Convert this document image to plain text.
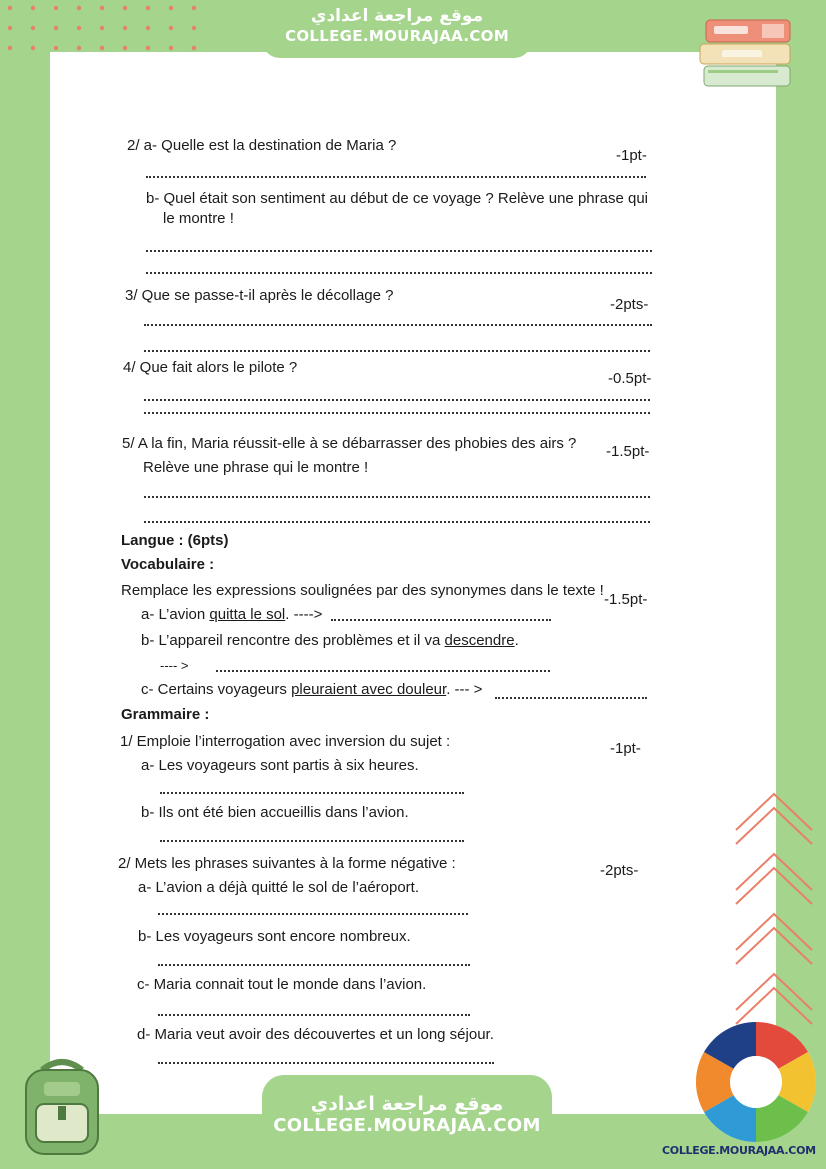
موقع مراجعة اعدادي
COLLEGE.MOURAJAA.COM
2/ a- Quelle est la destination de Maria ?
-1pt-
b- Quel était son sentiment au début de ce voyage ? Relève une phrase qui
le montre !
3/ Que se passe-t-il après le décollage ?
-2pts-
4/ Que fait alors le pilote ?
-0.5pt-
5/ A la fin, Maria réussit-elle à se débarrasser des phobies des airs ? -1.5pt-
Relève une phrase qui le montre !
Langue : (6pts)
Vocabulaire :
Remplace les expressions soulignées par des synonymes dans le texte !
-1.5pt-
a- L’avion quitta le sol. ---->
b- L’appareil rencontre des problèmes et il va descendre.
---- >
c- Certains voyageurs pleuraient avec douleur. --- >
Grammaire :
1/ Emploie l’interrogation avec inversion du sujet :	-1pt-
a- Les voyageurs sont partis à six heures.
b- Ils ont été bien accueillis dans l’avion.
2/ Mets les phrases suivantes à la forme négative :	-2pts-
a- L’avion a déjà quitté le sol de l’aéroport.
b- Les voyageurs sont encore nombreux.
c- Maria connait tout le monde dans l’avion.
d- Maria veut avoir des découvertes et un long séjour.
COLLEGE.MOURAJAA.COM
موقع مراجعة اعدادي
COLLEGE.MOURAJAA.COM
